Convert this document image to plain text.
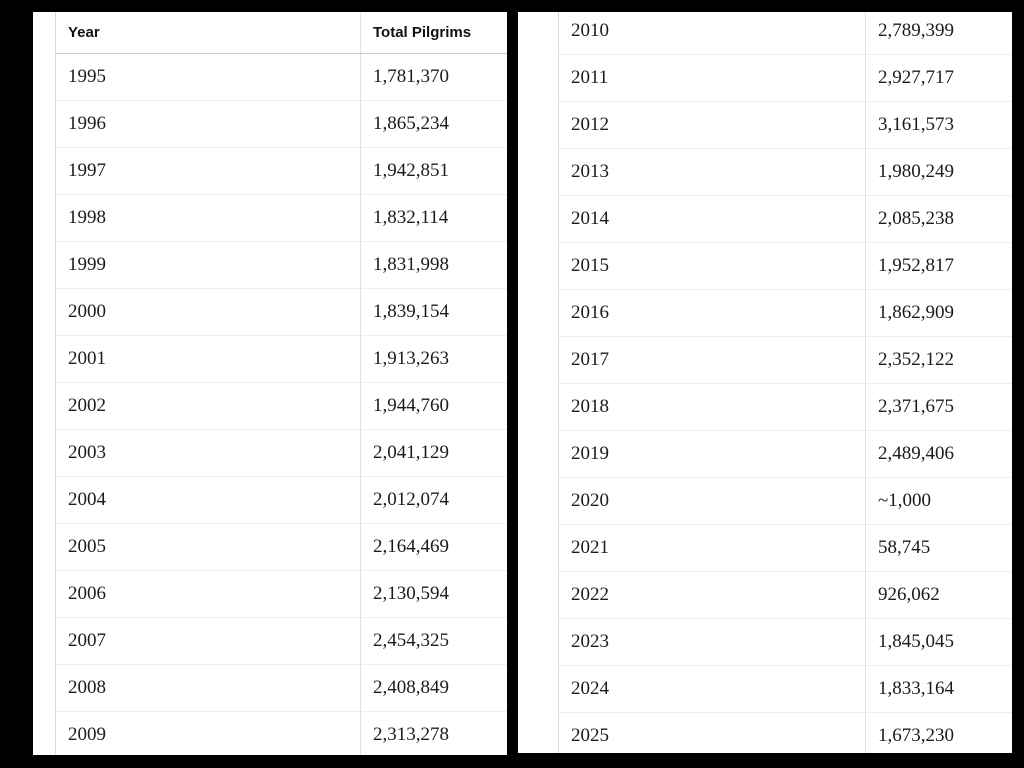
Year	Total Pilgrims
1995	1,781,370
1996	1,865,234
1997	1,942,851
1998	1,832,114
1999	1,831,998
2000	1,839,154
2001	1,913,263
2002	1,944,760
2003	2,041,129
2004	2,012,074
2005	2,164,469
2006	2,130,594
2007	2,454,325
2008	2,408,849
2009	2,313,278
2010	2,789,399
2011	2,927,717
2012	3,161,573
2013	1,980,249
2014	2,085,238
2015	1,952,817
2016	1,862,909
2017	2,352,122
2018	2,371,675
2019	2,489,406
2020	~1,000
2021	58,745
2022	926,062
2023	1,845,045
2024	1,833,164
2025	1,673,230
